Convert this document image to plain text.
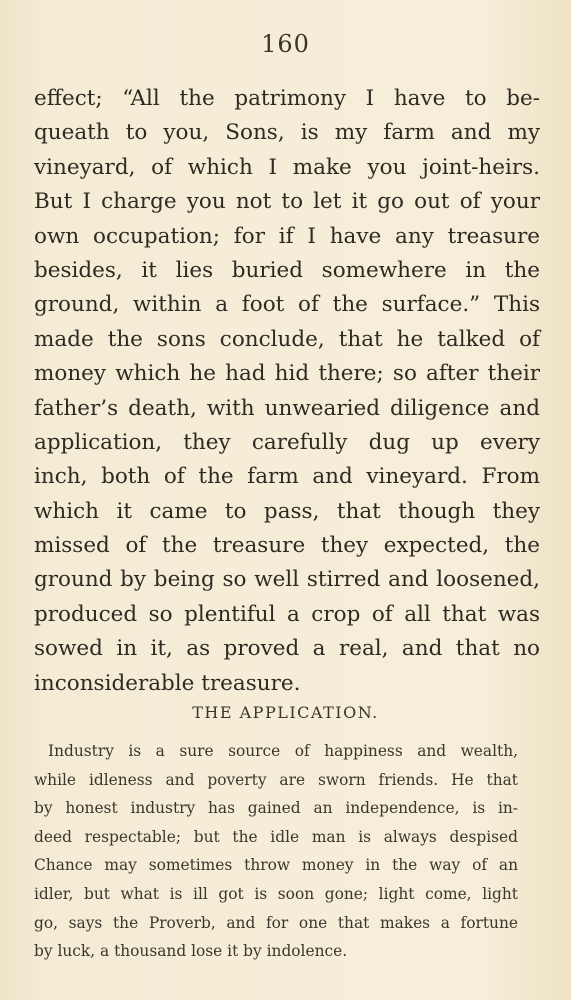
160
effect; “All the patrimony I have to be-
queath to you, Sons, is my farm and my
vineyard, of which I make you joint-heirs.
But I charge you not to let it go out of your
own occupation; for if I have any treasure
besides, it lies buried somewhere in the
ground, within a foot of the surface.” This
made the sons conclude, that he talked of
money which he had hid there; so after their
father’s death, with unwearied diligence and
application, they carefully dug up every
inch, both of the farm and vineyard. From
which it came to pass, that though they
missed of the treasure they expected, the
ground by being so well stirred and loosened,
produced so plentiful a crop of all that was
sowed in it, as proved a real, and that no
inconsiderable treasure.
THE APPLICATION.
Industry is a sure source of happiness and wealth,
while idleness and poverty are sworn friends. He that
by honest industry has gained an independence, is in-
deed respectable; but the idle man is always despised
Chance may sometimes throw money in the way of an
idler, but what is ill got is soon gone; light come, light
go, says the Proverb, and for one that makes a fortune
by luck, a thousand lose it by indolence.
